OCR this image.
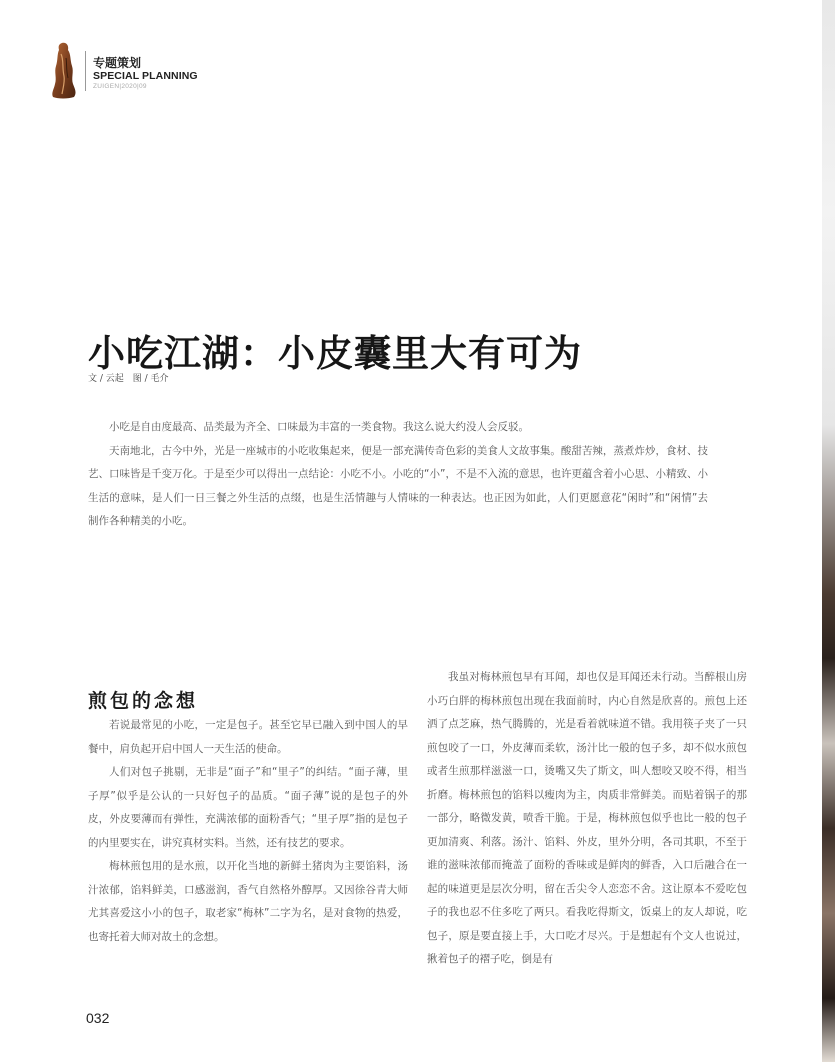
专题策划
SPECIAL PLANNING
ZUIGEN|2020|09
小吃江湖：小皮囊里大有可为
文 / 云起　图 / 毛介

小吃是自由度最高、品类最为齐全、口味最为丰富的一类食物。我这么说大约没人会反驳。

天南地北，古今中外，光是一座城市的小吃收集起来，便是一部充满传奇色彩的美食人文故事集。酸甜苦辣，蒸煮炸炒，食材、技艺、口味皆是千变万化。于是至少可以得出一点结论：小吃不小。小吃的“小”，不是不入流的意思，也许更蕴含着小心思、小精致、小生活的意味，是人们一日三餐之外生活的点缀，也是生活情趣与人情味的一种表达。也正因为如此，人们更愿意花“闲时”和“闲情”去制作各种精美的小吃。

煎包的念想

若说最常见的小吃，一定是包子。甚至它早已融入到中国人的早餐中，肩负起开启中国人一天生活的使命。

人们对包子挑剔，无非是“面子”和“里子”的纠结。“面子薄，里子厚”似乎是公认的一只好包子的品质。“面子薄”说的是包子的外皮，外皮要薄而有弹性，充满浓郁的面粉香气；“里子厚”指的是包子的内里要实在，讲究真材实料。当然，还有技艺的要求。

梅林煎包用的是水煎，以开化当地的新鲜土猪肉为主要馅料，汤汁浓郁，馅料鲜美，口感滋润，香气自然格外醇厚。又因徐谷青大师尤其喜爱这小小的包子，取老家“梅林”二字为名，是对食物的热爱，也寄托着大师对故土的念想。

我虽对梅林煎包早有耳闻，却也仅是耳闻还未行动。当醉根山房小巧白胖的梅林煎包出现在我面前时，内心自然是欣喜的。煎包上还洒了点芝麻，热气腾腾的，光是看着就味道不错。我用筷子夹了一只煎包咬了一口，外皮薄而柔软，汤汁比一般的包子多，却不似水煎包或者生煎那样滋滋一口，烫嘴又失了斯文，叫人想咬又咬不得，相当折磨。梅林煎包的馅料以瘦肉为主，肉质非常鲜美。而贴着锅子的那一部分，略微发黄，喷香干脆。于是，梅林煎包似乎也比一般的包子更加清爽、利落。汤汁、馅料、外皮，里外分明，各司其职，不至于谁的滋味浓郁而掩盖了面粉的香味或是鲜肉的鲜香，入口后融合在一起的味道更是层次分明，留在舌尖令人恋恋不舍。这让原本不爱吃包子的我也忍不住多吃了两只。看我吃得斯文，饭桌上的友人却说，吃包子，原是要直接上手，大口吃才尽兴。于是想起有个文人也说过，揪着包子的褶子吃，倒是有

032
